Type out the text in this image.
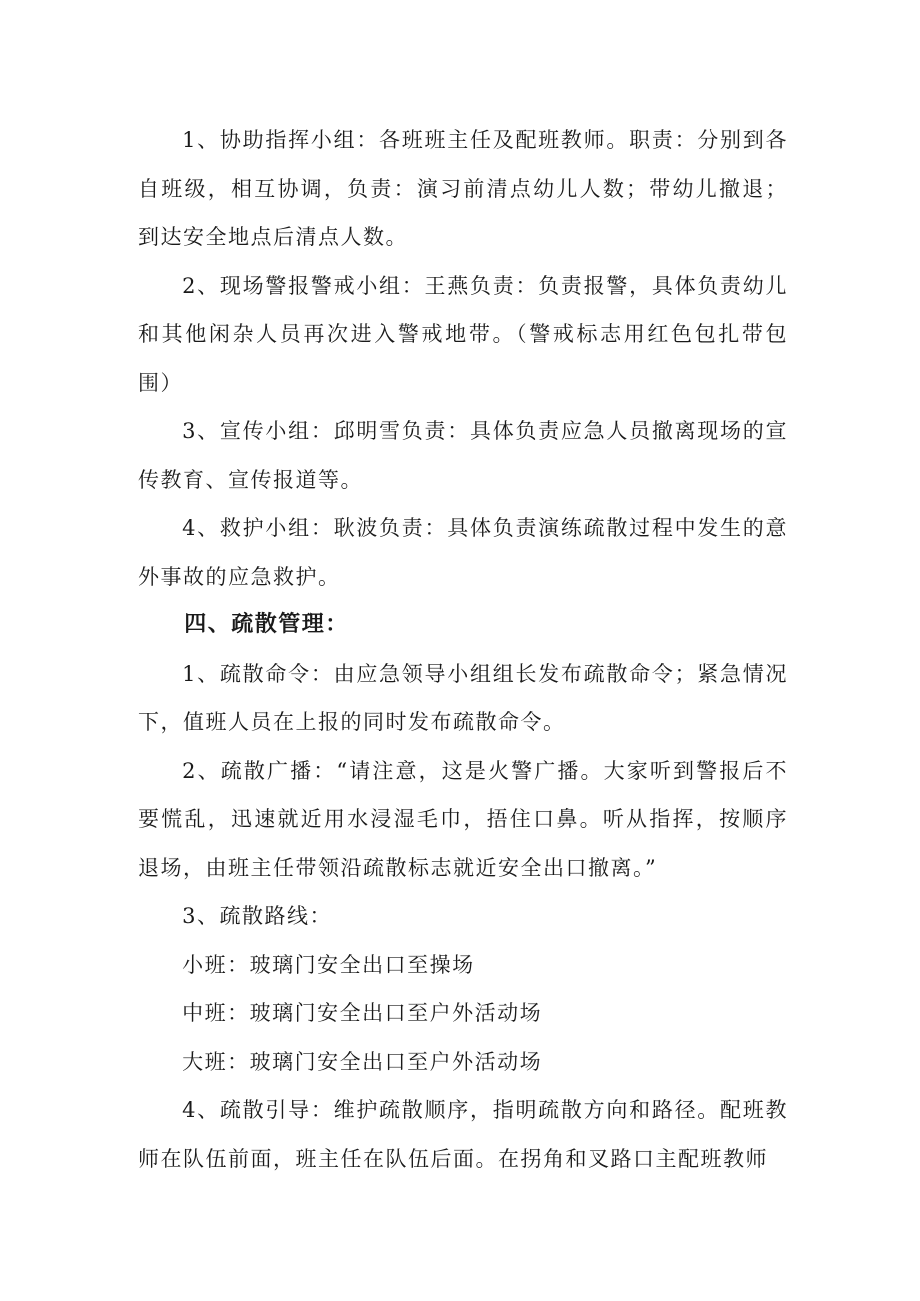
1、协助指挥小组：各班班主任及配班教师。职责：分别到各自班级，相互协调，负责：演习前清点幼儿人数；带幼儿撤退；到达安全地点后清点人数。

2、现场警报警戒小组：王燕负责：负责报警，具体负责幼儿和其他闲杂人员再次进入警戒地带。（警戒标志用红色包扎带包围）

3、宣传小组：邱明雪负责：具体负责应急人员撤离现场的宣传教育、宣传报道等。

4、救护小组：耿波负责：具体负责演练疏散过程中发生的意外事故的应急救护。

四、疏散管理：

1、疏散命令：由应急领导小组组长发布疏散命令；紧急情况下，值班人员在上报的同时发布疏散命令。

2、疏散广播：“请注意，这是火警广播。大家听到警报后不要慌乱，迅速就近用水浸湿毛巾，捂住口鼻。听从指挥，按顺序退场，由班主任带领沿疏散标志就近安全出口撤离。”

3、疏散路线：

小班：玻璃门安全出口至操场

中班：玻璃门安全出口至户外活动场

大班：玻璃门安全出口至户外活动场

4、疏散引导：维护疏散顺序，指明疏散方向和路径。配班教师在队伍前面，班主任在队伍后面。在拐角和叉路口主配班教师
